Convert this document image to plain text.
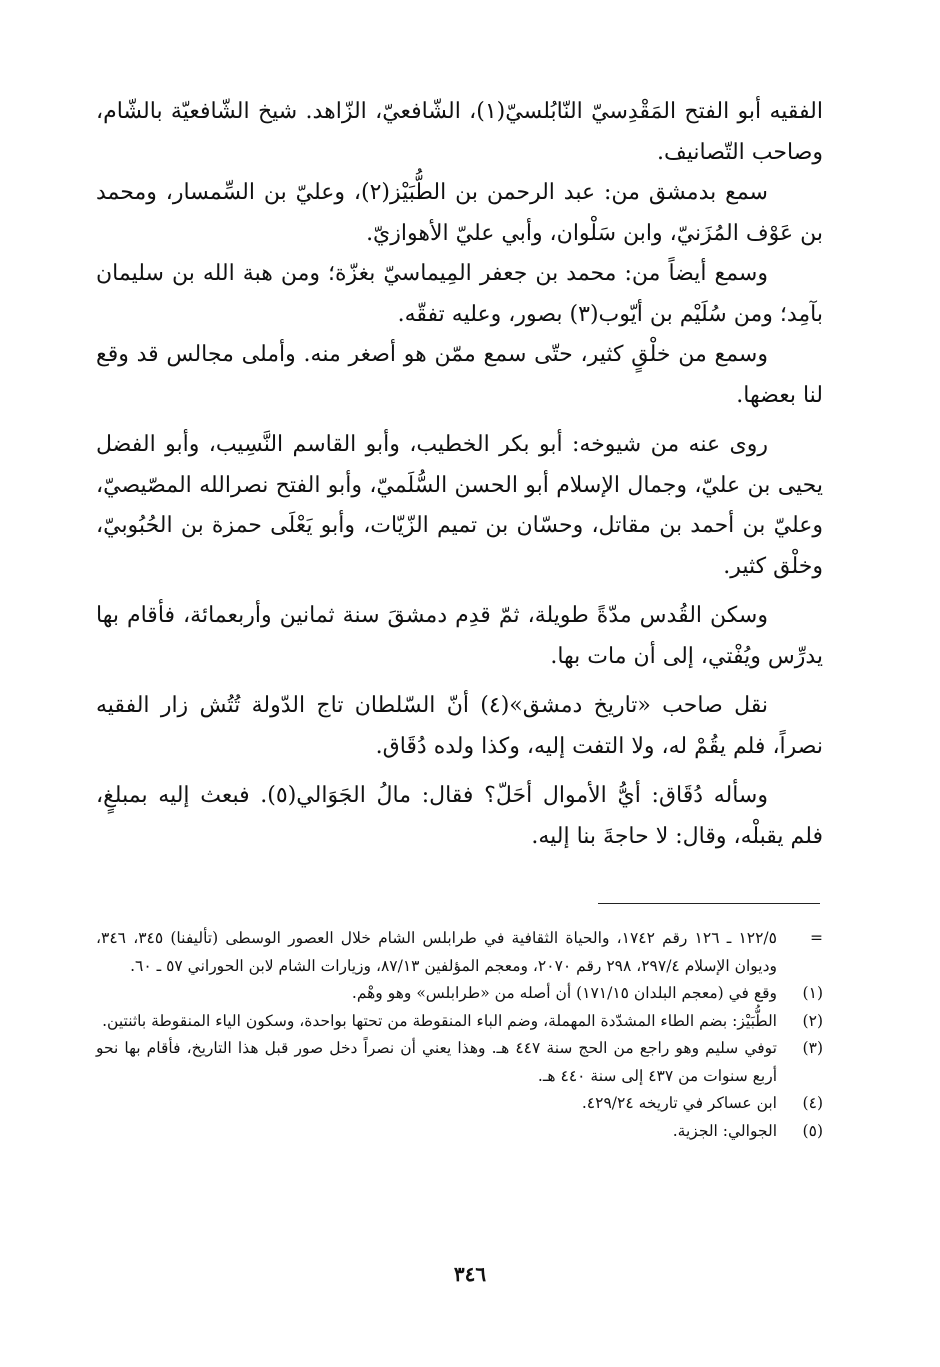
الفقيه أبو الفتح المَقْدِسيّ النّابُلسيّ(١)، الشّافعيّ، الزّاهد. شيخ الشّافعيّة بالشّام، وصاحب التّصانيف.

سمع بدمشق من: عبد الرحمن بن الطُّبَيْز(٢)، وعليّ بن السِّمسار، ومحمد بن عَوْف المُزَنيّ، وابن سَلْوان، وأبي عليّ الأهوازيّ.

وسمع أيضاً من: محمد بن جعفر المِيماسيّ بغزّة؛ ومن هبة الله بن سليمان بآمِد؛ ومن سُلَيْم بن أيّوب(٣) بصور، وعليه تفقّه.

وسمع من خلْقٍ كثير، حتّى سمع ممّن هو أصغر منه. وأملى مجالس قد وقع لنا بعضها.

روى عنه من شيوخه: أبو بكر الخطيب، وأبو القاسم النَّسِيب، وأبو الفضل يحيى بن عليّ، وجمال الإسلام أبو الحسن السُّلَميّ، وأبو الفتح نصرالله المصّيصيّ، وعليّ بن أحمد بن مقاتل، وحسّان بن تميم الزّيّات، وأبو يَعْلَى حمزة بن الحُبُوبيّ، وخلْق كثير.

وسكن القُدس مدّةً طويلة، ثمّ قدِم دمشقَ سنة ثمانين وأربعمائة، فأقام بها يدرِّس ويُفْتي، إلى أن مات بها.

نقل صاحب «تاريخ دمشق»(٤) أنّ السّلطان تاج الدّولة تُتُش زار الفقيه نصراً، فلم يقُمْ له، ولا التفت إليه، وكذا ولده دُقَاق.

وسأله دُقَاق: أيُّ الأموال أحَلّ؟ فقال: مالُ الجَوَالي(٥). فبعث إليه بمبلغٍ، فلم يقبلْه، وقال: لا حاجةَ بنا إليه.

=
١٢٢/٥ ـ ١٢٦ رقم ١٧٤٢، والحياة الثقافية في طرابلس الشام خلال العصور الوسطى (تأليفنا) ٣٤٥، ٣٤٦، وديوان الإسلام ٢٩٧/٤، ٢٩٨ رقم ٢٠٧٠، ومعجم المؤلفين ٨٧/١٣، وزيارات الشام لابن الحوراني ٥٧ ـ ٦٠.
(١)
وقع في (معجم البلدان ١٧١/١٥) أن أصله من «طرابلس» وهو وهْم.
(٢)
الطُّبَيْز: بضم الطاء المشدّدة المهملة، وضم الباء المنقوطة من تحتها بواحدة، وسكون الياء المنقوطة باثنتين.
(٣)
توفي سليم وهو راجع من الحج سنة ٤٤٧ هـ. وهذا يعني أن نصراً دخل صور قبل هذا التاريخ، فأقام بها نحو أربع سنوات من ٤٣٧ إلى سنة ٤٤٠ هـ.
(٤)
ابن عساكر في تاريخه ٤٢٩/٢٤.
(٥)
الجوالي: الجزية.
٣٤٦
